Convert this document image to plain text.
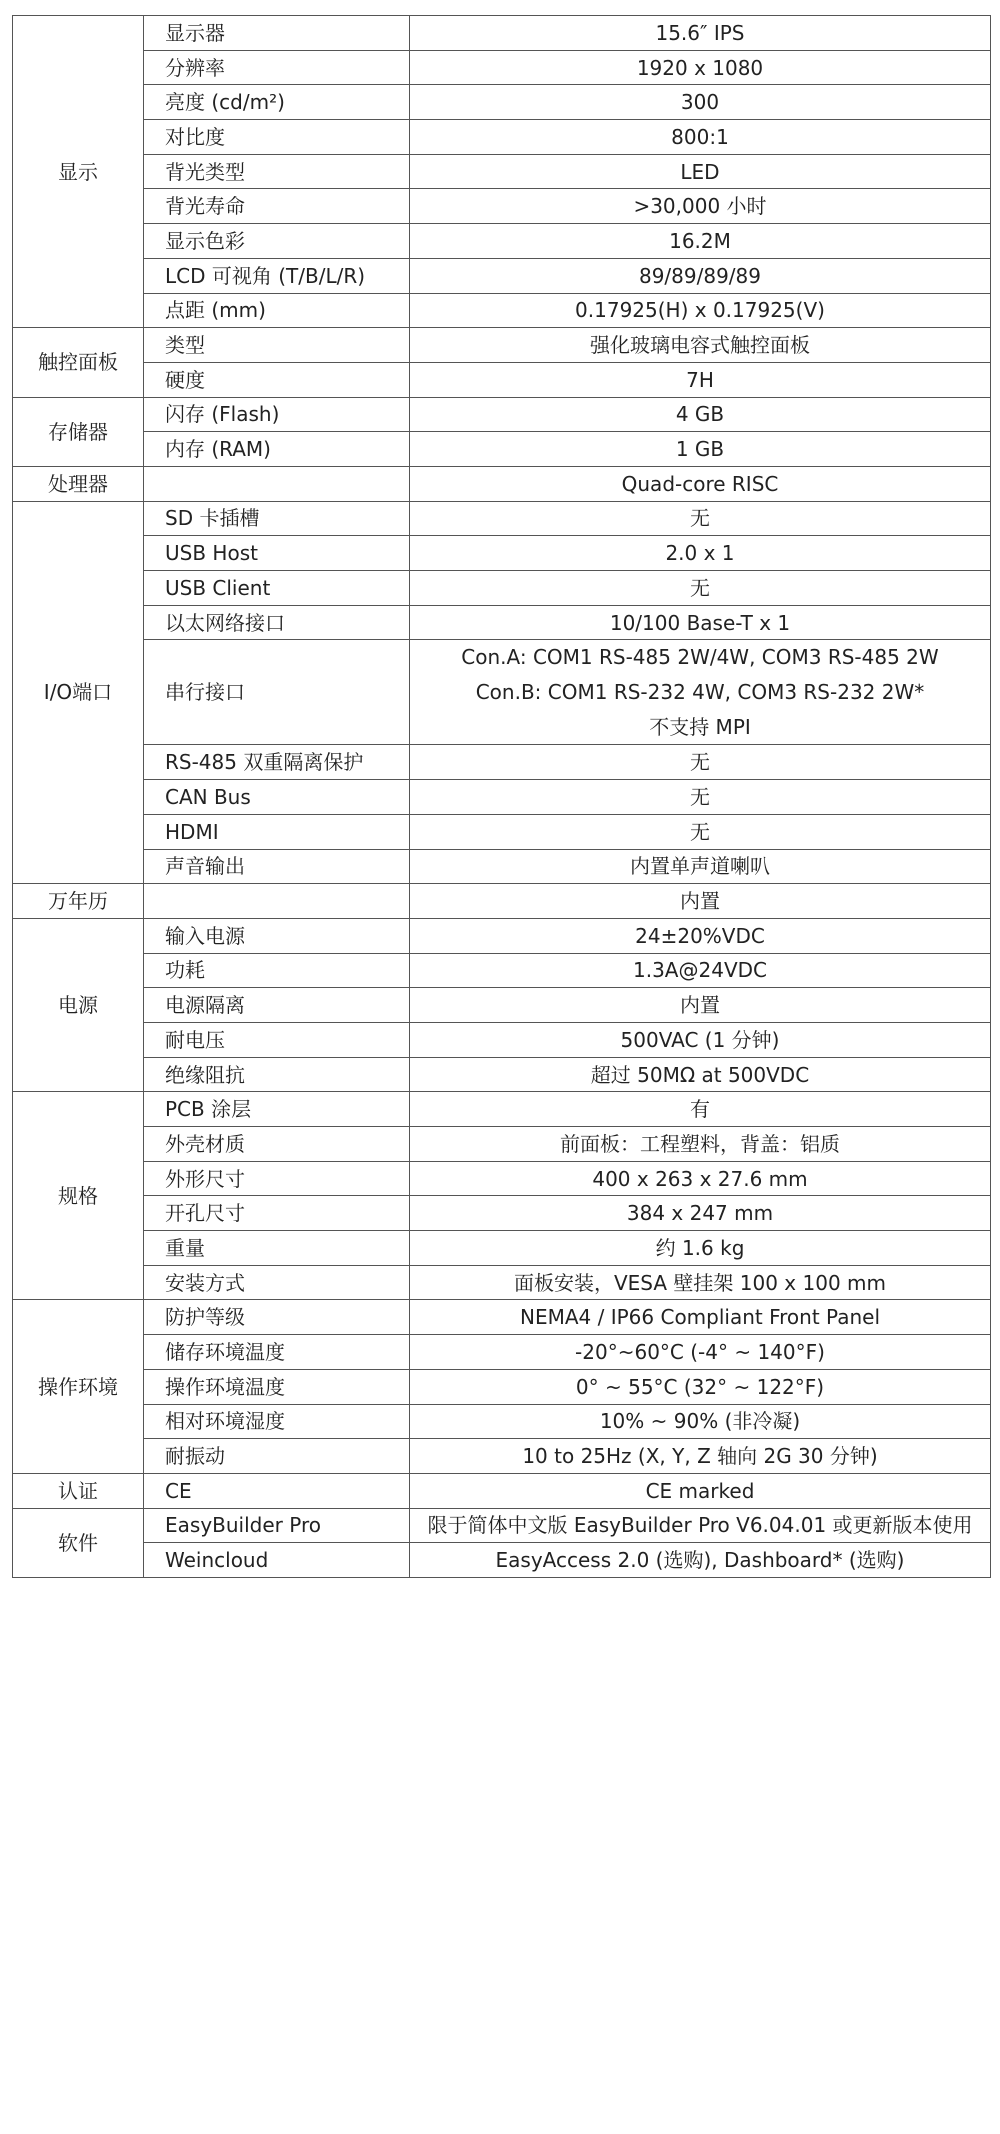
显示	显示器	15.6″ IPS
	分辨率	1920 x 1080
	亮度 (cd/m²)	300
	对比度	800:1
	背光类型	LED
	背光寿命	>30,000 小时
	显示色彩	16.2M
	LCD 可视角 (T/B/L/R)	89/89/89/89
	点距 (mm)	0.17925(H) x 0.17925(V)
触控面板	类型	强化玻璃电容式触控面板
	硬度	7H
存储器	闪存 (Flash)	4 GB
	内存 (RAM)	1 GB
处理器		Quad-core RISC
I/O端口	SD 卡插槽	无
	USB Host	2.0 x 1
	USB Client	无
	以太网络接口	10/100 Base-T x 1
	串行接口	Con.A: COM1 RS-485 2W/4W, COM3 RS-485 2W
Con.B: COM1 RS-232 4W, COM3 RS-232 2W*
不支持 MPI

	RS-485 双重隔离保护	无
	CAN Bus	无
	HDMI	无
	声音输出	内置单声道喇叭
万年历		内置
电源	输入电源	24±20%VDC
	功耗	1.3A@24VDC
	电源隔离	内置
	耐电压	500VAC (1 分钟)
	绝缘阻抗	超过 50MΩ at 500VDC
规格	PCB 涂层	有
	外壳材质	前面板：工程塑料，背盖：铝质
	外形尺寸	400 x 263 x 27.6 mm
	开孔尺寸	384 x 247 mm
	重量	约 1.6 kg
	安装方式	面板安装，VESA 壁挂架 100 x 100 mm
操作环境	防护等级	NEMA4 / IP66 Compliant Front Panel
	储存环境温度	-20°~60°C (-4° ~ 140°F)
	操作环境温度	0° ~ 55°C (32° ~ 122°F)
	相对环境湿度	10% ~ 90% (非冷凝)
	耐振动	10 to 25Hz (X, Y, Z 轴向 2G 30 分钟)
认证	CE	CE marked
软件	EasyBuilder Pro	限于简体中文版 EasyBuilder Pro V6.04.01 或更新版本使用
	Weincloud	EasyAccess 2.0 (选购), Dashboard* (选购)
